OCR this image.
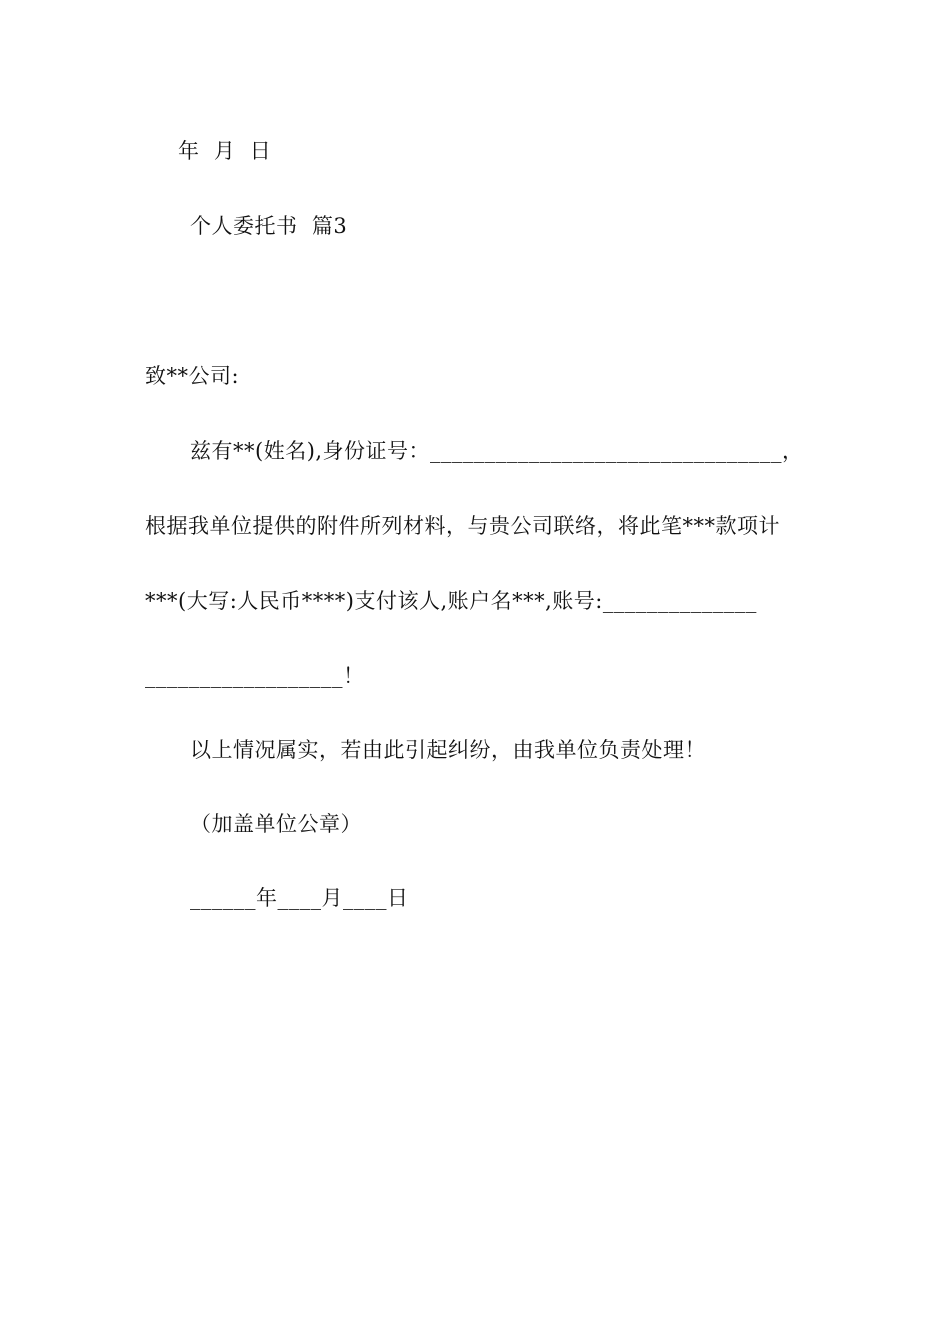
年  月  日
个人委托书  篇3
致**公司:
兹有**(姓名),身份证号：________________________________，
根据我单位提供的附件所列材料，与贵公司联络，将此笔***款项计
***(大写:人民币****)支付该人,账户名***,账号:______________
__________________！
以上情况属实，若由此引起纠纷，由我单位负责处理！
（加盖单位公章）
______年____月____日
